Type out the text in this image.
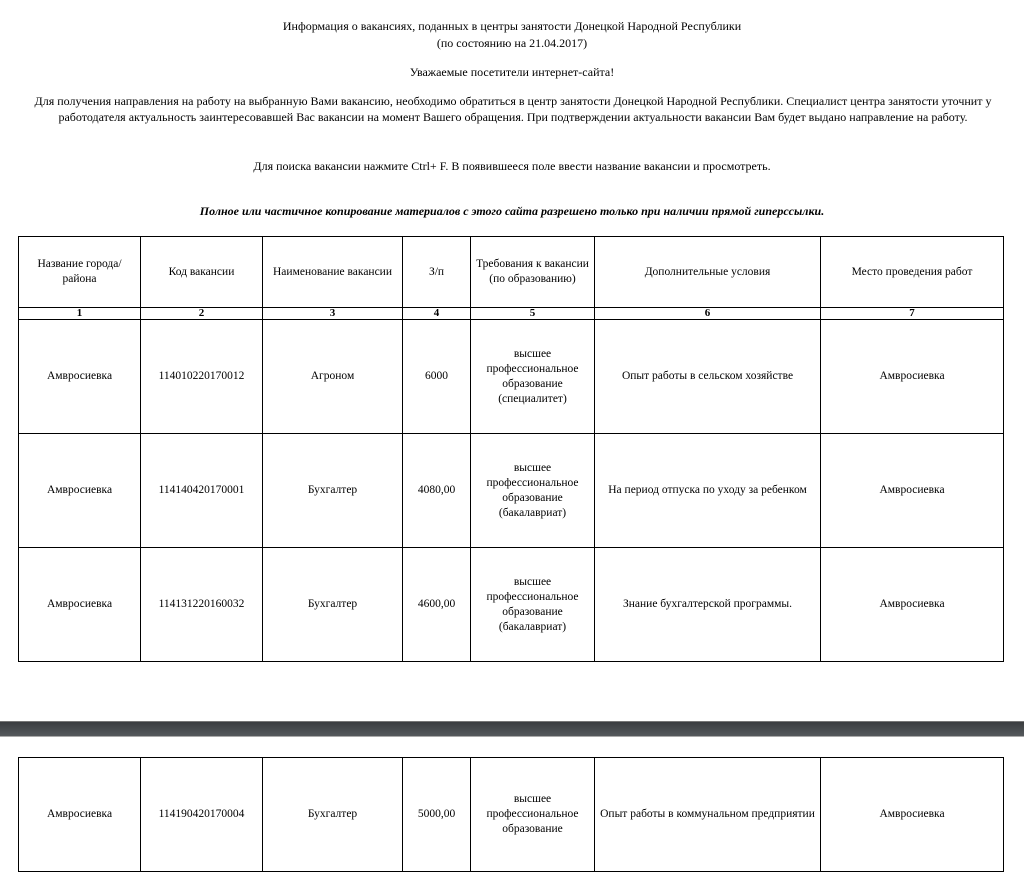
Информация о вакансиях, поданных в центры занятости Донецкой Народной Республики
(по состоянию на 21.04.2017)
Уважаемые посетители интернет-сайта!
Для получения направления на работу на выбранную Вами вакансию, необходимо обратиться в центр занятости Донецкой Народной Республики. Специалист центра занятости уточнит у работодателя актуальность заинтересовавшей Вас вакансии на момент Вашего обращения. При подтверждении актуальности вакансии Вам будет выдано направление на работу.
Для поиска вакансии нажмите Ctrl+ F. В появившееся поле ввести название вакансии и просмотреть.
Полное или частичное копирование материалов с этого сайта разрешено только при наличии прямой гиперссылки.
Название города/района	Код вакансии	Наименование вакансии	З/п	Требования к вакансии (по образованию)	Дополнительные условия	Место проведения работ
1	2	3	4	5	6	7
Амвросиевка	114010220170012	Агроном	6000	высшее профессиональное образование (специалитет)	Опыт работы в сельском хозяйстве	Амвросиевка
Амвросиевка	114140420170001	Бухгалтер	4080,00	высшее профессиональное образование (бакалавриат)	На период отпуска по уходу за ребенком	Амвросиевка
Амвросиевка	114131220160032	Бухгалтер	4600,00	высшее профессиональное образование (бакалавриат)	Знание бухгалтерской программы.	Амвросиевка
Амвросиевка	114190420170004	Бухгалтер	5000,00	высшее профессиональное образование	Опыт работы в коммунальном предприятии	Амвросиевка
